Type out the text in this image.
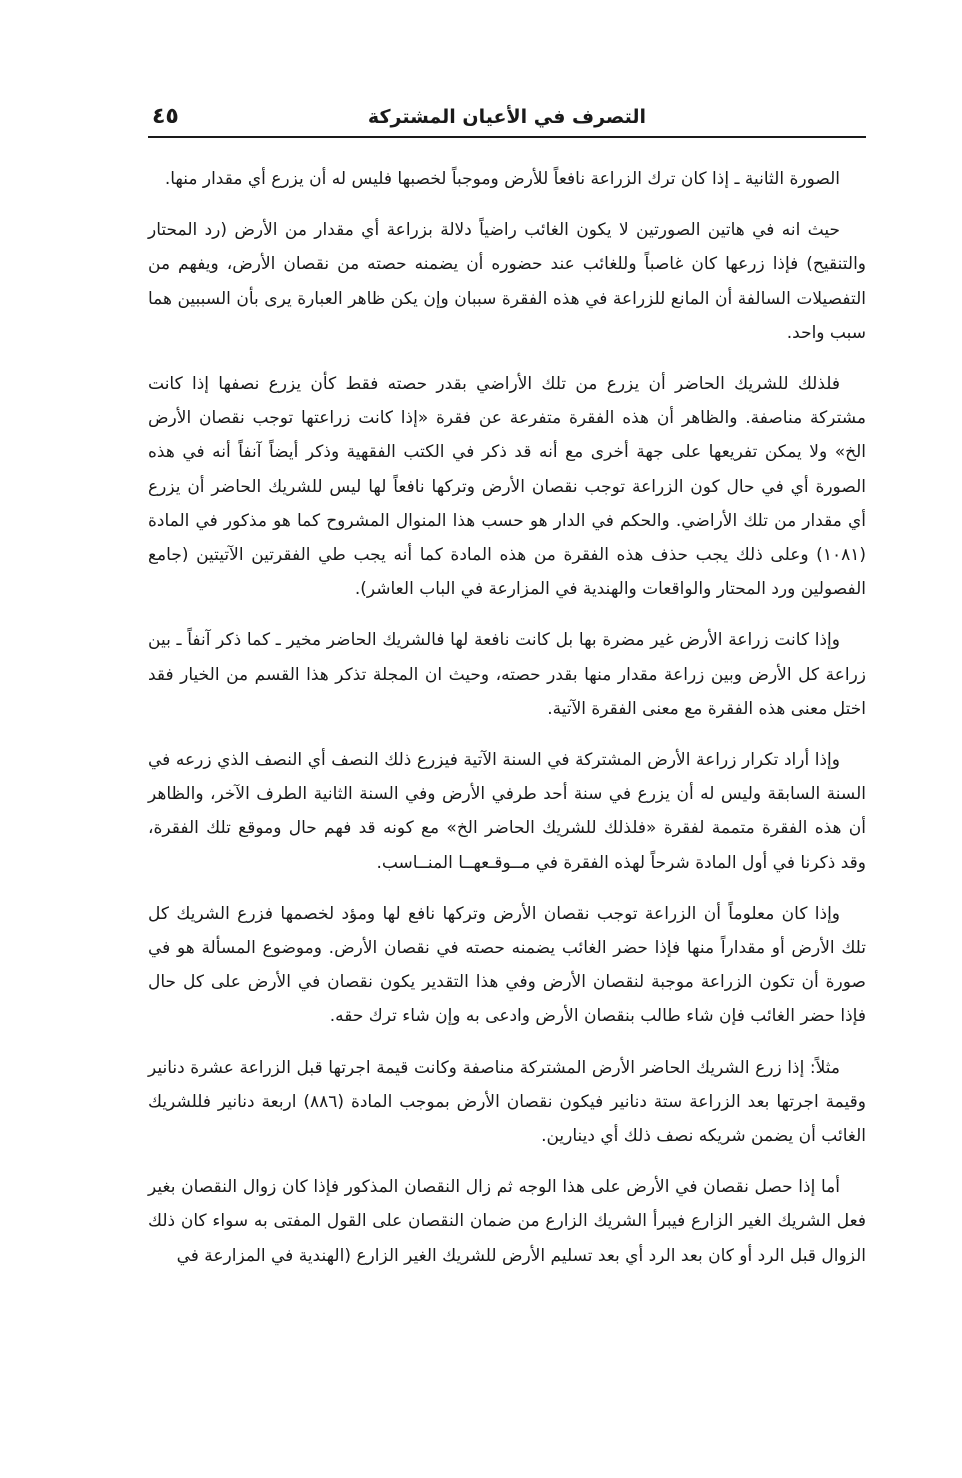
التصرف في الأعيان المشتركة
٤٥

الصورة الثانية ـ إذا كان ترك الزراعة نافعاً للأرض وموجباً لخصبها فليس له أن يزرع أي مقدار منها.

حيث انه في هاتين الصورتين لا يكون الغائب راضياً دلالة بزراعة أي مقدار من الأرض (رد المحتار والتنقيح) فإذا زرعها كان غاصباً وللغائب عند حضوره أن يضمنه حصته من نقصان الأرض، ويفهم من التفصيلات السالفة أن المانع للزراعة في هذه الفقرة سببان وإن يكن ظاهر العبارة يرى بأن السببين هما سبب واحد.

فلذلك للشريك الحاضر أن يزرع من تلك الأراضي بقدر حصته فقط كأن يزرع نصفها إذا كانت مشتركة مناصفة. والظاهر أن هذه الفقرة متفرعة عن فقرة «إذا كانت زراعتها توجب نقصان الأرض الخ» ولا يمكن تفريعها على جهة أخرى مع أنه قد ذكر في الكتب الفقهية وذكر أيضاً آنفاً أنه في هذه الصورة أي في حال كون الزراعة توجب نقصان الأرض وتركها نافعاً لها ليس للشريك الحاضر أن يزرع أي مقدار من تلك الأراضي. والحكم في الدار هو حسب هذا المنوال المشروح كما هو مذكور في المادة (١٠٨١) وعلى ذلك يجب حذف هذه الفقرة من هذه المادة كما أنه يجب طي الفقرتين الآتيتين (جامع الفصولين ورد المحتار والواقعات والهندية في المزارعة في الباب العاشر).

وإذا كانت زراعة الأرض غير مضرة بها بل كانت نافعة لها فالشريك الحاضر مخير ـ كما ذكر آنفاً ـ بين زراعة كل الأرض وبين زراعة مقدار منها بقدر حصته، وحيث ان المجلة تذكر هذا القسم من الخيار فقد اختل معنى هذه الفقرة مع معنى الفقرة الآتية.

وإذا أراد تكرار زراعة الأرض المشتركة في السنة الآتية فيزرع ذلك النصف أي النصف الذي زرعه في السنة السابقة وليس له أن يزرع في سنة أحد طرفي الأرض وفي السنة الثانية الطرف الآخر، والظاهر أن هذه الفقرة متممة لفقرة «فلذلك للشريك الحاضر الخ» مع كونه قد فهم حال وموقع تلك الفقرة، وقد ذكرنا في أول المادة شرحاً لهذه الفقرة في مــوقـعهــا المنــاسب.

وإذا كان معلوماً أن الزراعة توجب نقصان الأرض وتركها نافع لها ومؤد لخصمها فزرع الشريك كل تلك الأرض أو مقداراً منها فإذا حضر الغائب يضمنه حصته في نقصان الأرض. وموضوع المسألة هو في صورة أن تكون الزراعة موجبة لنقصان الأرض وفي هذا التقدير يكون نقصان في الأرض على كل حال فإذا حضر الغائب فإن شاء طالب بنقصان الأرض وادعى به وإن شاء ترك حقه.

مثلاً: إذا زرع الشريك الحاضر الأرض المشتركة مناصفة وكانت قيمة اجرتها قبل الزراعة عشرة دنانير وقيمة اجرتها بعد الزراعة ستة دنانير فيكون نقصان الأرض بموجب المادة (٨٨٦) اربعة دنانير فللشريك الغائب أن يضمن شريكه نصف ذلك أي دينارين.

أما إذا حصل نقصان في الأرض على هذا الوجه ثم زال النقصان المذكور فإذا كان زوال النقصان بغير فعل الشريك الغير الزارع فيبرأ الشريك الزارع من ضمان النقصان على القول المفتى به سواء كان ذلك الزوال قبل الرد أو كان بعد الرد أي بعد تسليم الأرض للشريك الغير الزارع (الهندية في المزارعة في
